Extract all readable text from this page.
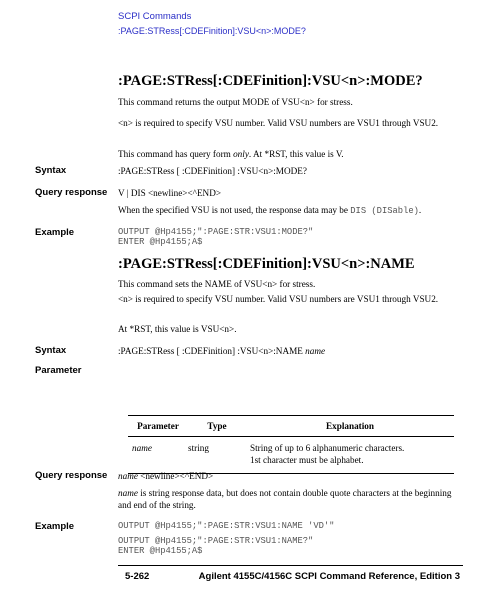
SCPI Commands
:PAGE:STRess[:CDEFinition]:VSU<n>:MODE?
:PAGE:STRess[:CDEFinition]:VSU<n>:MODE?
This command returns the output MODE of VSU<n> for stress.
<n> is required to specify VSU number. Valid VSU numbers are VSU1 through VSU2.
This command has query form only. At *RST, this value is V.
Syntax	:PAGE:STRess [ :CDEFinition] :VSU<n>:MODE?
Query response V | DIS <newline><^END>
When the specified VSU is not used, the response data may be DIS (DISable).
Example	OUTPUT @Hp4155;":PAGE:STR:VSU1:MODE?"
ENTER @Hp4155;A$
:PAGE:STRess[:CDEFinition]:VSU<n>:NAME
This command sets the NAME of VSU<n> for stress.
<n> is required to specify VSU number. Valid VSU numbers are VSU1 through VSU2.
At *RST, this value is VSU<n>.
Syntax	:PAGE:STRess [ :CDEFinition] :VSU<n>:NAME name
Parameter
Parameter	Type	Explanation
name	string	String of up to 6 alphanumeric characters.
1st character must be alphabet.
Query response name <newline><^END>
name is string response data, but does not contain double quote characters at the beginning and end of the string.
Example	OUTPUT @Hp4155;":PAGE:STR:VSU1:NAME 'VD'"
OUTPUT @Hp4155;":PAGE:STR:VSU1:NAME?"
ENTER @Hp4155;A$
5-262	Agilent 4155C/4156C SCPI Command Reference, Edition 3
